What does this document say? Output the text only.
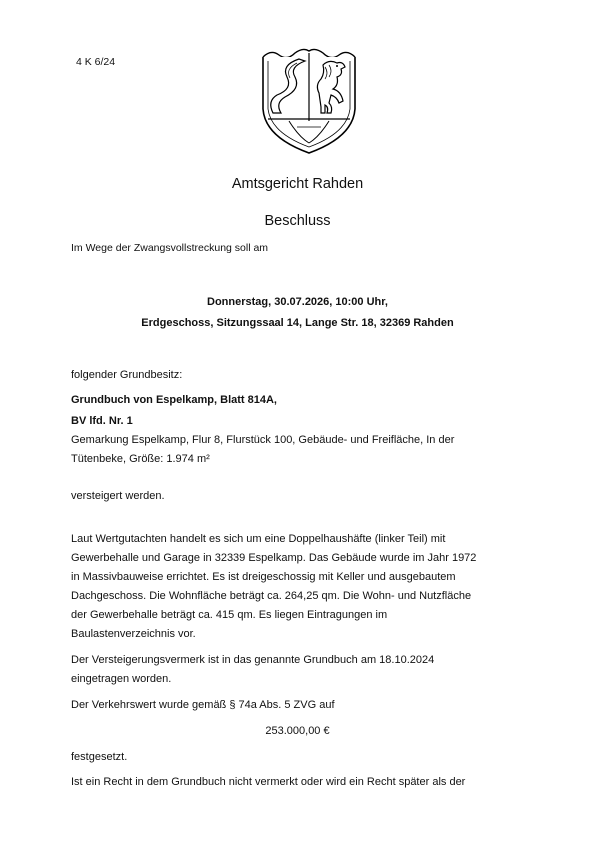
4 K 6/24
Amtsgericht Rahden
Beschluss
Im Wege der Zwangsvollstreckung soll am
Donnerstag, 30.07.2026, 10:00 Uhr,
Erdgeschoss, Sitzungssaal 14, Lange Str. 18, 32369 Rahden
folgender Grundbesitz:
Grundbuch von Espelkamp, Blatt 814A,
BV lfd. Nr. 1
Gemarkung Espelkamp, Flur 8, Flurstück 100, Gebäude- und Freifläche, In der
Tütenbeke, Größe: 1.974 m²
versteigert werden.
Laut Wertgutachten handelt es sich um eine Doppelhaushäfte (linker Teil) mit
Gewerbehalle und Garage in 32339 Espelkamp. Das Gebäude wurde im Jahr 1972
in Massivbauweise errichtet. Es ist dreigeschossig mit Keller und ausgebautem
Dachgeschoss. Die Wohnfläche beträgt ca. 264,25 qm. Die Wohn- und Nutzfläche
der Gewerbehalle beträgt ca. 415 qm. Es liegen Eintragungen im
Baulastenverzeichnis vor.
Der Versteigerungsvermerk ist in das genannte Grundbuch am 18.10.2024
eingetragen worden.
Der Verkehrswert wurde gemäß § 74a Abs. 5 ZVG auf
253.000,00 €
festgesetzt.
Ist ein Recht in dem Grundbuch nicht vermerkt oder wird ein Recht später als der
